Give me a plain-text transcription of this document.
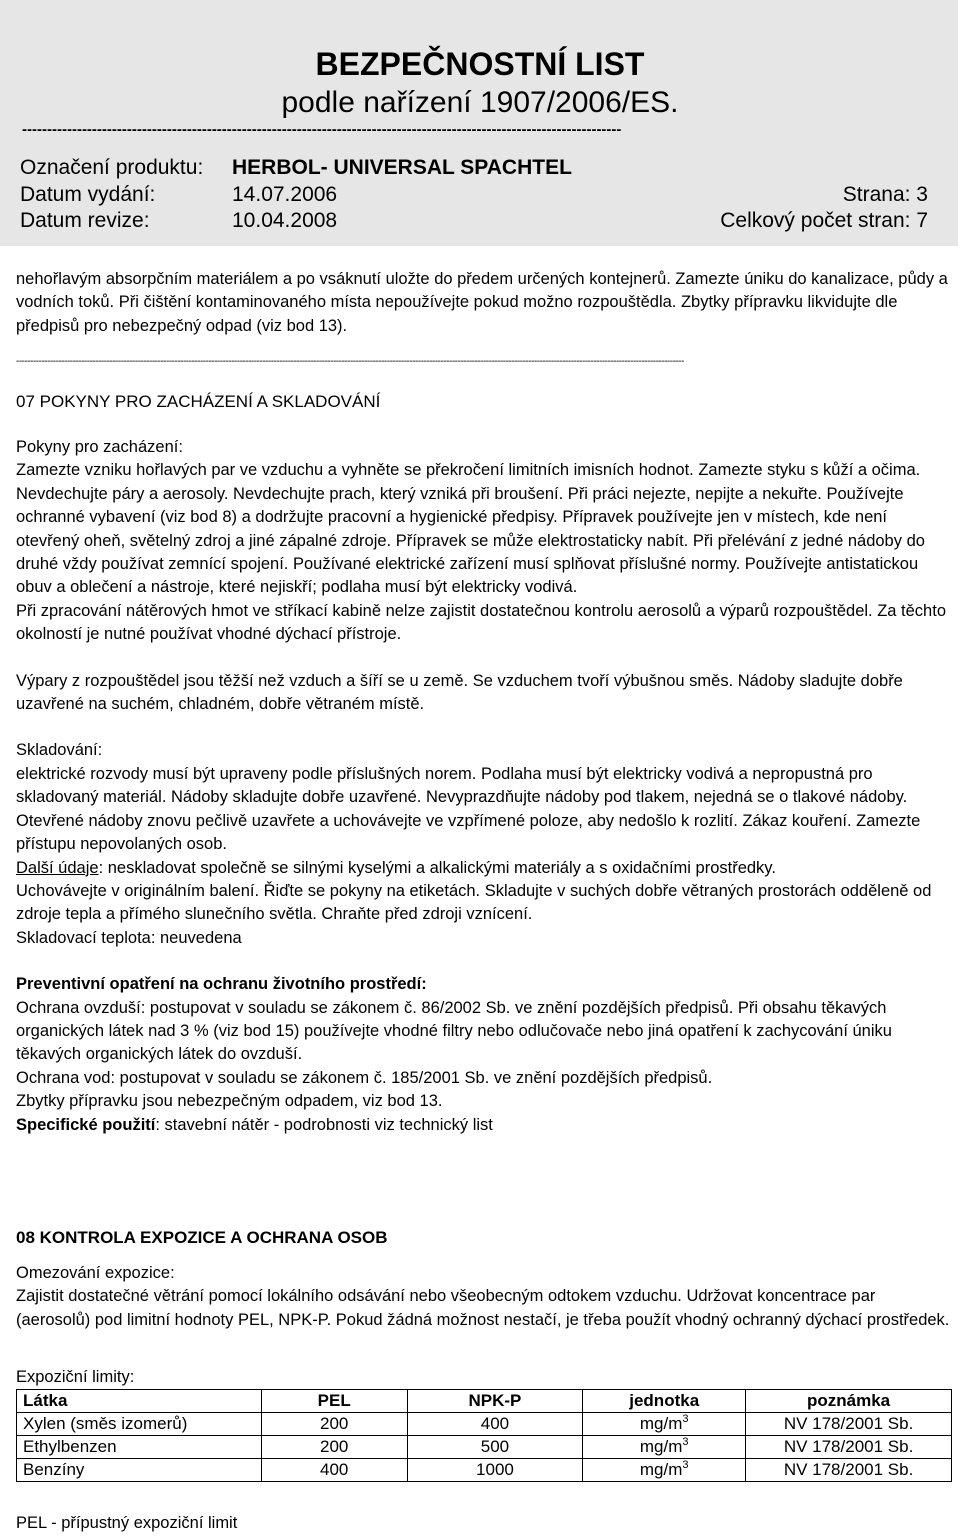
BEZPEČNOSTNÍ LIST
podle nařízení 1907/2006/ES.
------------------------------------------------------------------------------------------------------------------------
Označení produktu: HERBOL- UNIVERSAL SPACHTEL
Datum vydání:	14.07.2006	Strana: 3
Datum revize:	10.04.2008	Celkový počet stran: 7

nehořlavým absorpčním materiálem a po vsáknutí uložte do předem určených kontejnerů. Zamezte únіku do kanalizace, půdy a vodních toků. Při čištění kontaminovaného místa nepoužívejte pokud možno rozpouštědla. Zbytky přípravku likvidujte dle předpisů pro nebezpečný odpad (viz bod 13).

--------------------------------------------------------------------------------------------------------------------------------------------------------------------------------------------------------------------------------------------
07 POKYNY PRO ZACHÁZENÍ A SKLADOVÁNÍ

Pokyny pro zacházení:

Zamezte vzniku hořlavých par ve vzduchu a vyhněte se překročení limitních imisních hodnot. Zamezte styku s kůží a očima. Nevdechujte páry a aerosoly. Nevdechujte prach, který vzniká při broušení. Při práci nejezte, nepijte a nekuřte. Používejte ochranné vybavení (viz bod 8) a dodržujte pracovní a hygienické předpisy. Přípravek používejte jen v místech, kde není otevřený oheň, světelný zdroj a jiné zápalné zdroje. Přípravek se může elektrostaticky nabít. Při přelévání z jedné nádoby do druhé vždy používat zemnící spojení. Používané elektrické zařízení musí splňovat příslušné normy. Používejte antistatickou obuv a oblečení a nástroje, které nejiskří; podlaha musí být elektricky vodivá.

Při zpracování nátěrových hmot ve stříkací kabině nelze zajistit dostatečnou kontrolu aerosolů a výparů rozpouštědel. Za těchto okolností je nutné používat vhodné dýchací přístroje.

Výpary z rozpouštědel jsou těžší než vzduch a šíří se u země. Se vzduchem tvoří výbušnou směs. Nádoby sladujte dobře uzavřené na suchém, chladném, dobře větraném místě.

Skladování:

elektrické rozvody musí být upraveny podle příslušných norem. Podlaha musí být elektricky vodivá a nepropustná pro skladovaný materiál. Nádoby skladujte dobře uzavřené. Nevyprazdňujte nádoby pod tlakem, nejedná se o tlakové nádoby. Otevřené nádoby znovu pečlivě uzavřete a uchovávejte ve vzpřímené poloze, aby nedošlo k rozlití. Zákaz kouření. Zamezte přístupu nepovolaných osob.

Další údaje: neskladovat společně se silnými kyselými a alkalickými materiály a s oxidačními prostředky.

Uchovávejte v originálním balení. Řiďte se pokyny na etiketách. Skladujte v suchých dobře větraných prostorách odděleně od zdroje tepla a přímého slunečního světla. Chraňte před zdroji vznícení.

Skladovací teplota: neuvedena

Preventivní opatření na ochranu životního prostředí:

Ochrana ovzduší: postupovat v souladu se zákonem č. 86/2002 Sb. ve znění pozdějších předpisů. Při obsahu těkavých organických látek nad 3 % (viz bod 15) používejte vhodné filtry nebo odlučovače nebo jiná opatření k zachycování úniku těkavých organických látek do ovzduší.

Ochrana vod: postupovat v souladu se zákonem č. 185/2001 Sb. ve znění pozdějších předpisů.

Zbytky přípravku jsou nebezpečným odpadem, viz bod 13.

Specifické použití: stavební nátěr - podrobnosti viz technický list

08 KONTROLA EXPOZICE A OCHRANA OSOB

Omezování expozice:

Zajistit dostatečné větrání pomocí lokálního odsávání nebo všeobecným odtokem vzduchu. Udržovat koncentrace par (aerosolů) pod limitní hodnoty PEL, NPK-P. Pokud žádná možnost nestačí, je třeba použít vhodný ochranný dýchací prostředek.

Expoziční limity:

Látka	PEL	NPK-P	jednotka	poznámka
Xylen (směs izomerů)	200	400	$mg/m^3$	NV 178/2001 Sb.
Ethylbenzen	200	500	$mg/m^3$	NV 178/2001 Sb.
Benzíny	400	1000	$mg/m^3$	NV 178/2001 Sb.

PEL - přípustný expoziční limit
